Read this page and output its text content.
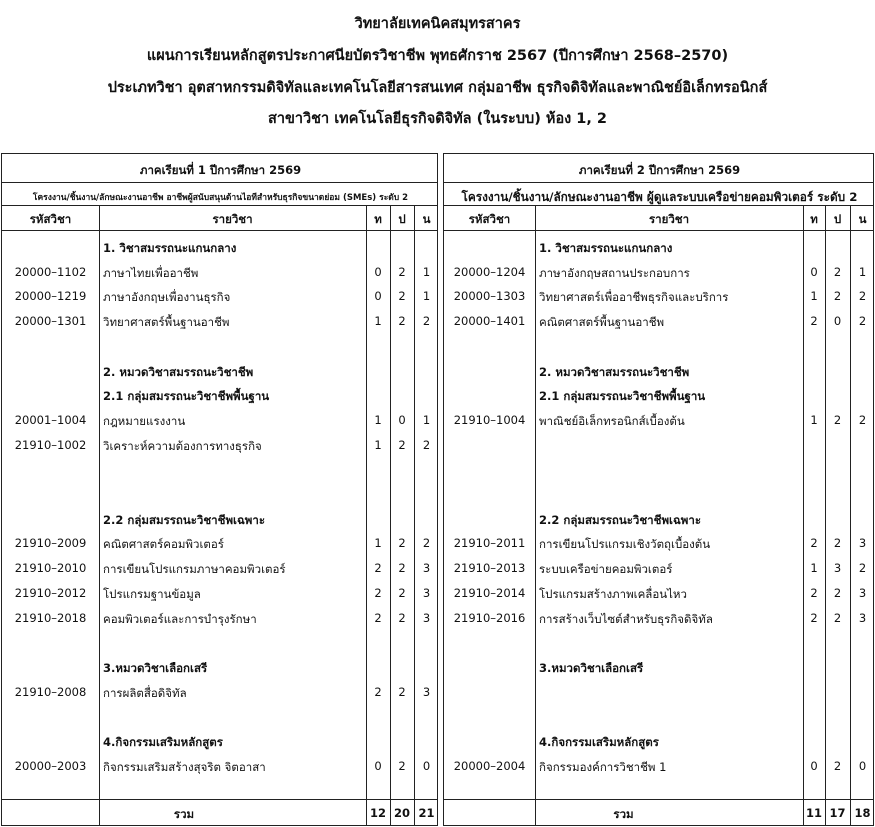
วิทยาลัยเทคนิคสมุทรสาคร
แผนการเรียนหลักสูตรประกาศนียบัตรวิชาชีพ พุทธศักราช 2567 (ปีการศึกษา 2568–2570)
ประเภทวิชา อุตสาหกรรมดิจิทัลและเทคโนโลยีสารสนเทศ กลุ่มอาชีพ ธุรกิจดิจิทัลและพาณิชย์อิเล็กทรอนิกส์
สาขาวิชา เทคโนโลยีธุรกิจดิจิทัล (ในระบบ) ห้อง 1, 2
ภาคเรียนที่ 1 ปีการศึกษา 2569
โครงงาน/ชิ้นงาน/ลักษณะงานอาชีพ อาชีพผู้สนับสนุนด้านไอทีสำหรับธุรกิจขนาดย่อม (SMEs) ระดับ 2
รหัสวิชา	รายวิชา	ท	ป	น
1. วิชาสมรรถนะแกนกลาง
20000–1102	ภาษาไทยเพื่ออาชีพ	0	2	1
20000–1219	ภาษาอังกฤษเพื่องานธุรกิจ	0	2	1
20000–1301	วิทยาศาสตร์พื้นฐานอาชีพ	1	2	2
2. หมวดวิชาสมรรถนะวิชาชีพ
2.1 กลุ่มสมรรถนะวิชาชีพพื้นฐาน
20001–1004	กฎหมายแรงงาน	1	0	1
21910–1002	วิเคราะห์ความต้องการทางธุรกิจ	1	2	2
2.2 กลุ่มสมรรถนะวิชาชีพเฉพาะ
21910–2009	คณิตศาสตร์คอมพิวเตอร์	1	2	2
21910–2010	การเขียนโปรแกรมภาษาคอมพิวเตอร์	2	2	3
21910–2012	โปรแกรมฐานข้อมูล	2	2	3
21910–2018	คอมพิวเตอร์และการบำรุงรักษา	2	2	3
3.หมวดวิชาเลือกเสรี
21910–2008	การผลิตสื่อดิจิทัล	2	2	3
4.กิจกรรมเสริมหลักสูตร
20000–2003	กิจกรรมเสริมสร้างสุจริต จิตอาสา	0	2	0
รวม	12 20 21
ภาคเรียนที่ 2 ปีการศึกษา 2569
โครงงาน/ชิ้นงาน/ลักษณะงานอาชีพ ผู้ดูแลระบบเครือข่ายคอมพิวเตอร์ ระดับ 2
รหัสวิชา	รายวิชา	ท	ป	น
1. วิชาสมรรถนะแกนกลาง
20000–1204	ภาษาอังกฤษสถานประกอบการ	0	2	1
20000–1303	วิทยาศาสตร์เพื่ออาชีพธุรกิจและบริการ	1	2	2
20000–1401	คณิตศาสตร์พื้นฐานอาชีพ	2	0	2
2. หมวดวิชาสมรรถนะวิชาชีพ
2.1 กลุ่มสมรรถนะวิชาชีพพื้นฐาน
21910–1004	พาณิชย์อิเล็กทรอนิกส์เบื้องต้น	1	2	2
2.2 กลุ่มสมรรถนะวิชาชีพเฉพาะ
21910–2011	การเขียนโปรแกรมเชิงวัตถุเบื้องต้น	2	2	3
21910–2013	ระบบเครือข่ายคอมพิวเตอร์	1	3	2
21910–2014	โปรแกรมสร้างภาพเคลื่อนไหว	2	2	3
21910–2016	การสร้างเว็บไซต์สำหรับธุรกิจดิจิทัล	2	2	3
3.หมวดวิชาเลือกเสรี
4.กิจกรรมเสริมหลักสูตร
20000–2004	กิจกรรมองค์การวิชาชีพ 1	0	2	0
รวม	11 17 18
